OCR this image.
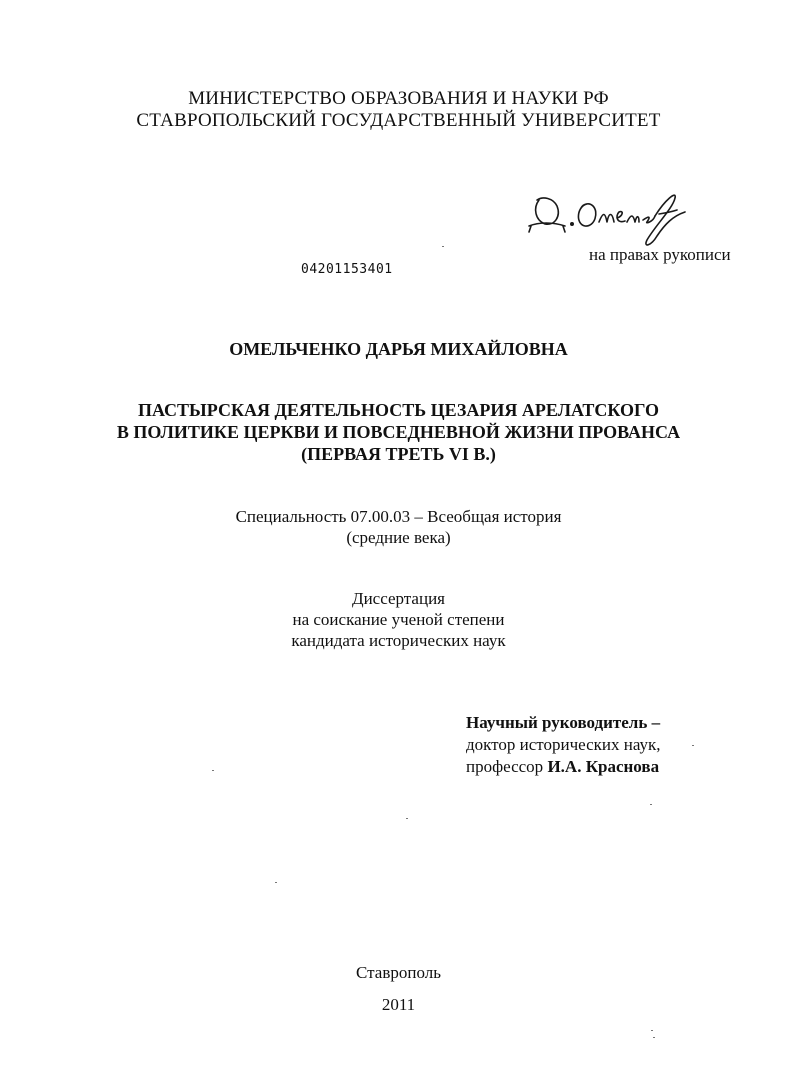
МИНИСТЕРСТВО ОБРАЗОВАНИЯ И НАУКИ РФ
СТАВРОПОЛЬСКИЙ ГОСУДАРСТВЕННЫЙ УНИВЕРСИТЕТ
на правах рукописи
04201153401
ОМЕЛЬЧЕНКО ДАРЬЯ МИХАЙЛОВНА
ПАСТЫРСКАЯ ДЕЯТЕЛЬНОСТЬ ЦЕЗАРИЯ АРЕЛАТСКОГО
В ПОЛИТИКЕ ЦЕРКВИ И ПОВСЕДНЕВНОЙ ЖИЗНИ ПРОВАНСА
(ПЕРВАЯ ТРЕТЬ VI В.)
Специальность 07.00.03 – Всеобщая история
(средние века)
Диссертация
на соискание ученой степени
кандидата исторических наук
Научный руководитель –
доктор исторических наук,
профессор И.А. Краснова
Ставрополь
2011
